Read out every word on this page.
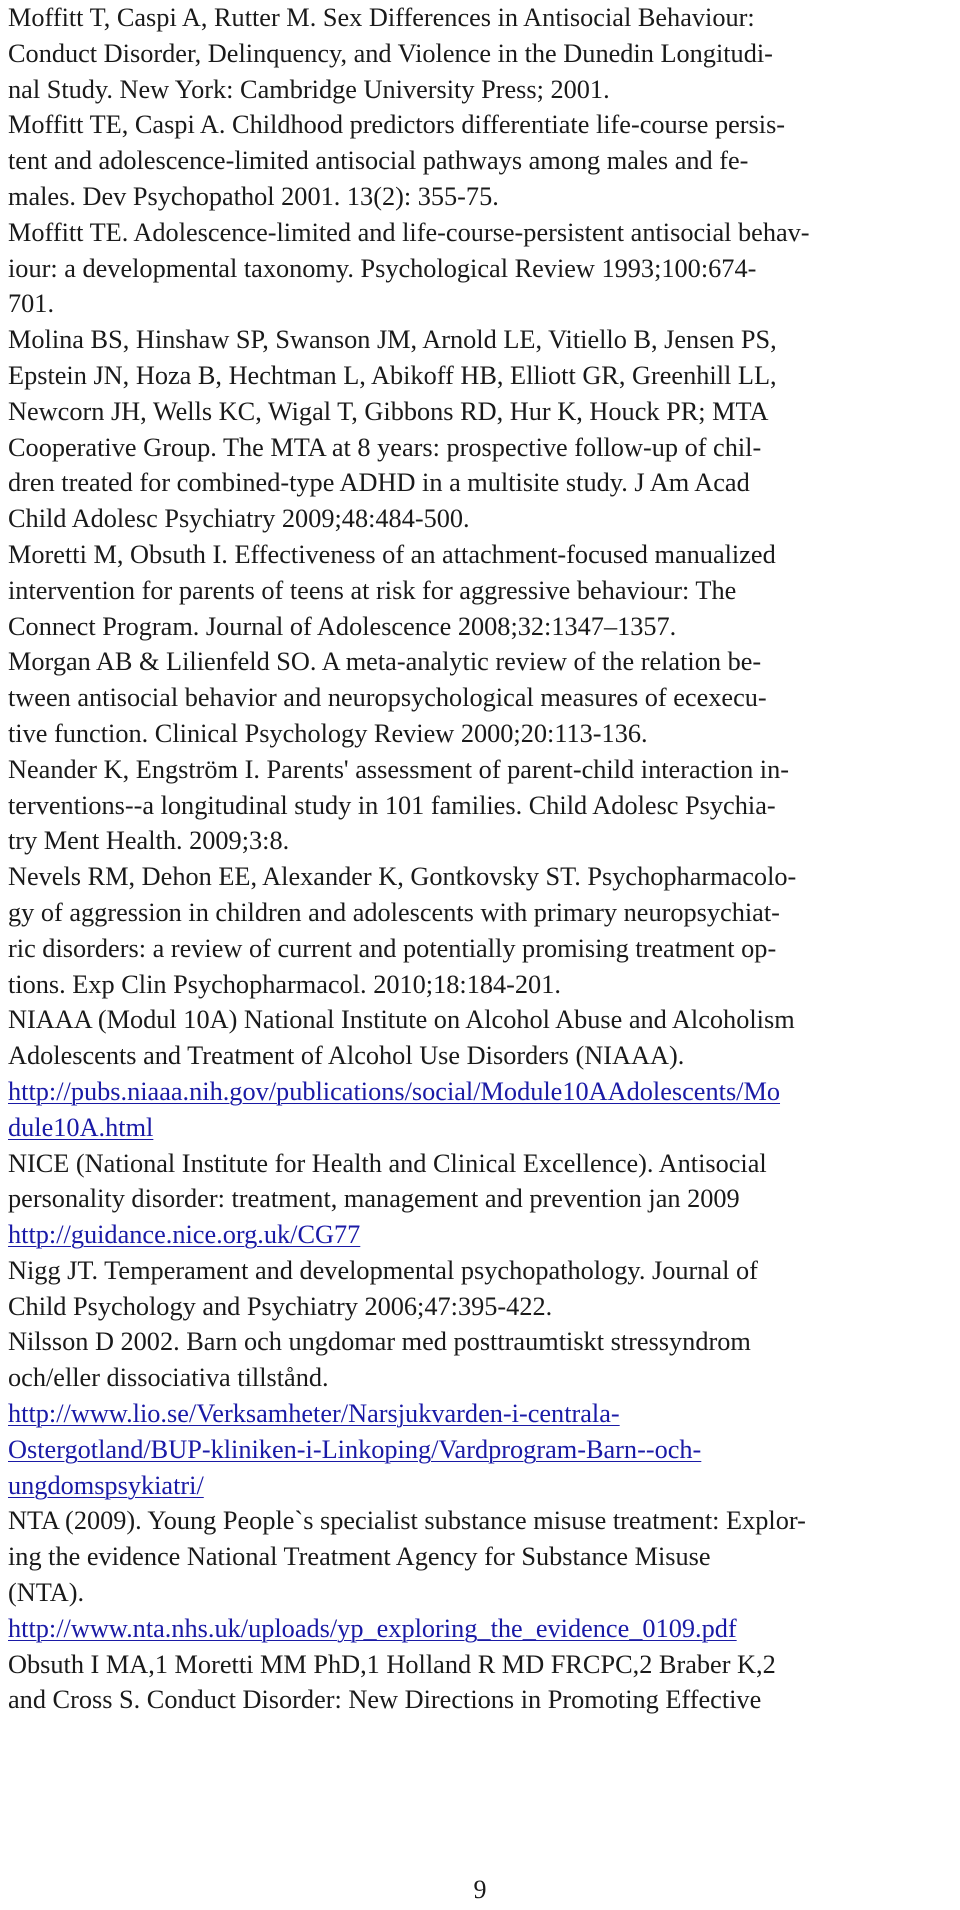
Moffitt T, Caspi A, Rutter M. Sex Differences in Antisocial Behaviour:
Conduct Disorder, Delinquency, and Violence in the Dunedin Longitudi-
nal Study. New York: Cambridge University Press; 2001.
Moffitt TE, Caspi A. Childhood predictors differentiate life-course persis-
tent and adolescence-limited antisocial pathways among males and fe-
males. Dev Psychopathol 2001. 13(2): 355-75.
Moffitt TE. Adolescence-limited and life-course-persistent antisocial behav-
iour: a developmental taxonomy. Psychological Review 1993;100:674-
701.
Molina BS, Hinshaw SP, Swanson JM, Arnold LE, Vitiello B, Jensen PS,
Epstein JN, Hoza B, Hechtman L, Abikoff HB, Elliott GR, Greenhill LL,
Newcorn JH, Wells KC, Wigal T, Gibbons RD, Hur K, Houck PR; MTA
Cooperative Group. The MTA at 8 years: prospective follow-up of chil-
dren treated for combined-type ADHD in a multisite study. J Am Acad
Child Adolesc Psychiatry 2009;48:484-500.
Moretti M, Obsuth I. Effectiveness of an attachment-focused manualized
intervention for parents of teens at risk for aggressive behaviour: The
Connect Program. Journal of Adolescence 2008;32:1347–1357.
Morgan AB & Lilienfeld SO. A meta-analytic review of the relation be-
tween antisocial behavior and neuropsychological measures of ecexecu-
tive function. Clinical Psychology Review 2000;20:113-136.
Neander K, Engström I. Parents' assessment of parent-child interaction in-
terventions--a longitudinal study in 101 families. Child Adolesc Psychia-
try Ment Health. 2009;3:8.
Nevels RM, Dehon EE, Alexander K, Gontkovsky ST. Psychopharmacolo-
gy of aggression in children and adolescents with primary neuropsychiat-
ric disorders: a review of current and potentially promising treatment op-
tions. Exp Clin Psychopharmacol. 2010;18:184-201.
NIAAA (Modul 10A) National Institute on Alcohol Abuse and Alcoholism
Adolescents and Treatment of Alcohol Use Disorders (NIAAA).
http://pubs.niaaa.nih.gov/publications/social/Module10AAdolescents/Mo
dule10A.html
NICE (National Institute for Health and Clinical Excellence). Antisocial
personality disorder: treatment, management and prevention jan 2009
http://guidance.nice.org.uk/CG77
Nigg JT. Temperament and developmental psychopathology. Journal of
Child Psychology and Psychiatry 2006;47:395-422.
Nilsson D 2002. Barn och ungdomar med posttraumtiskt stressyndrom
och/eller dissociativa tillstånd.
http://www.lio.se/Verksamheter/Narsjukvarden-i-centrala-
Ostergotland/BUP-kliniken-i-Linkoping/Vardprogram-Barn--och-
ungdomspsykiatri/
NTA (2009). Young People`s specialist substance misuse treatment: Explor-
ing the evidence National Treatment Agency for Substance Misuse
(NTA).
http://www.nta.nhs.uk/uploads/yp_exploring_the_evidence_0109.pdf
Obsuth I MA,1 Moretti MM PhD,1 Holland R MD FRCPC,2 Braber K,2
and Cross S. Conduct Disorder: New Directions in Promoting Effective
9
